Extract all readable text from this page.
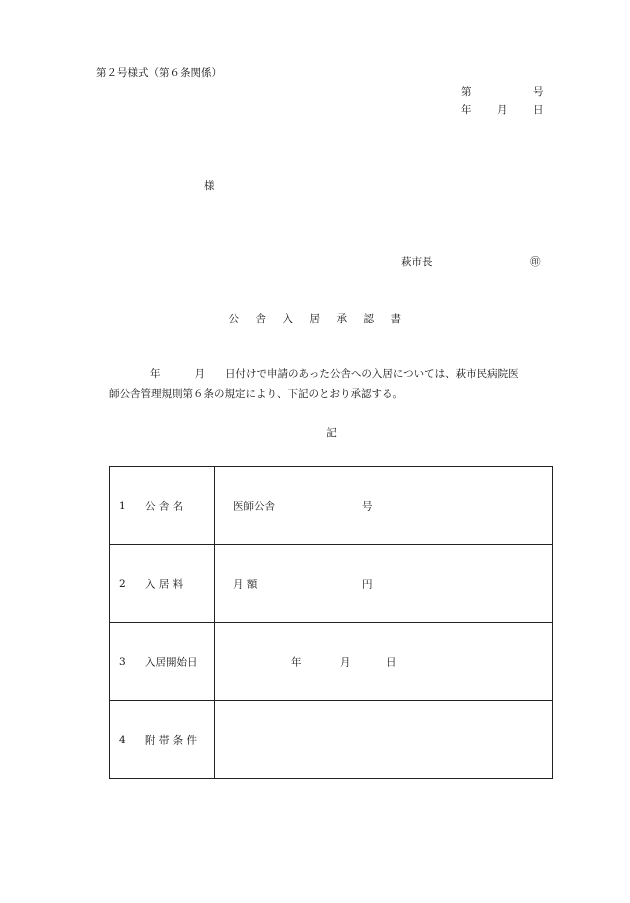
第２号様式（第６条関係）
第	号
年 月 日
様
萩市長	㊞
公 舎 入 居 承 認 書
年	月 日付けで申請のあった公舎への入居については、萩市民病院医
師公舎管理規則第６条の規定により、下記のとおり承認する。
記
1 公 舎 名	医師公舎 号

2 入 居 料	月 額 円

3 入居開始日	年 月 日

4 附 帯 条 件	
